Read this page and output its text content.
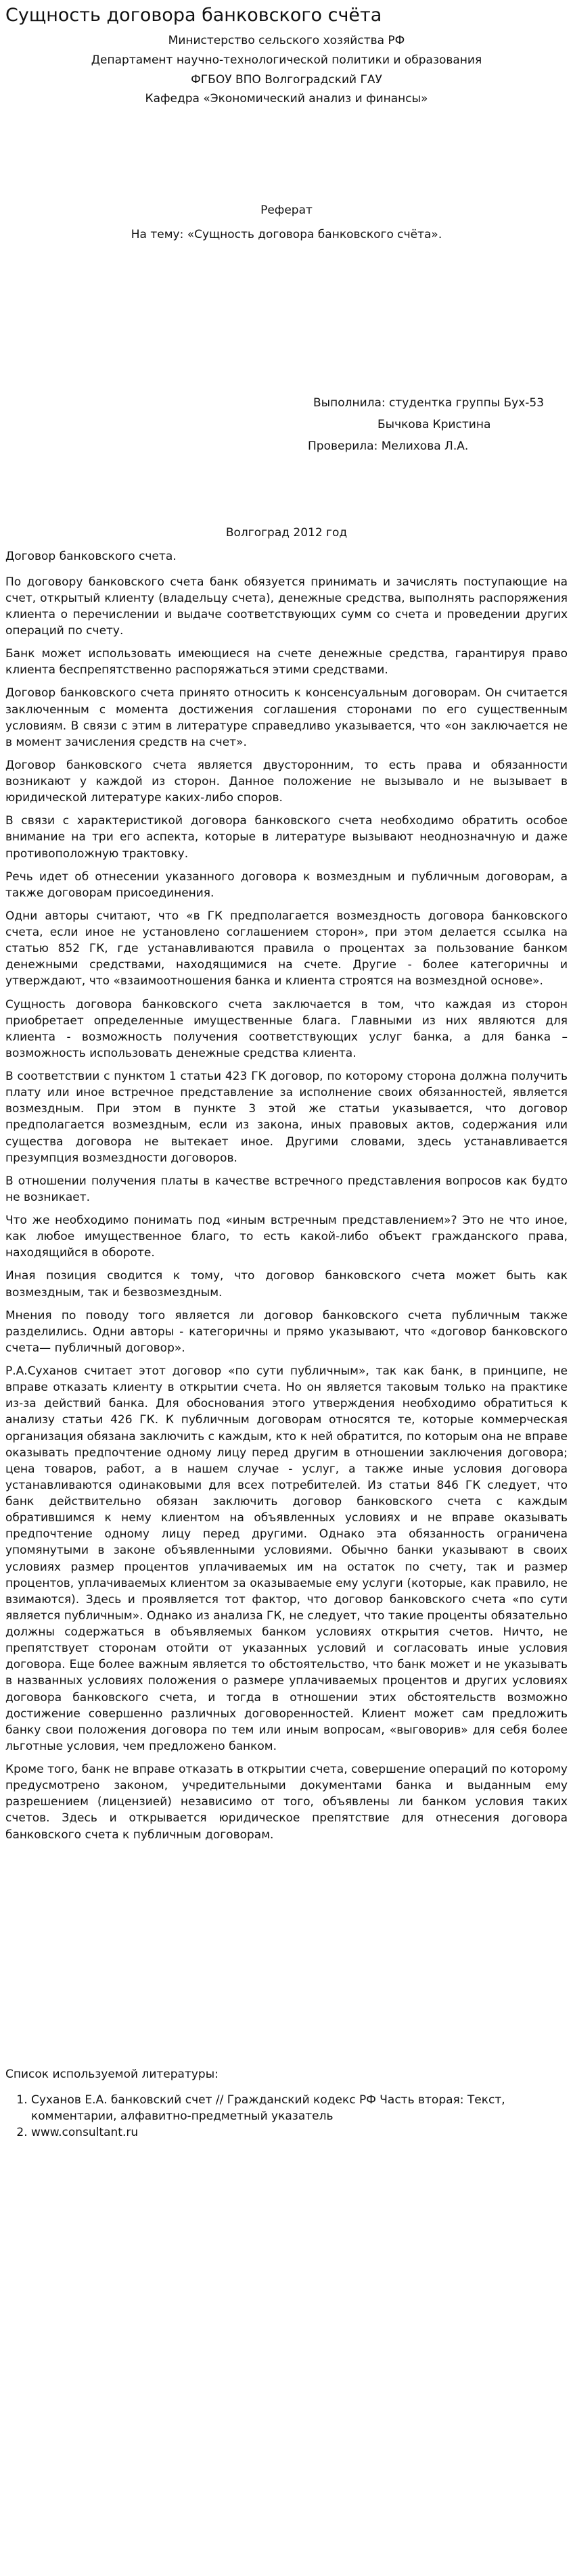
Сущность договора банковского счёта

Министерство сельского хозяйства РФ

Департамент научно-технологической политики и образования

ФГБОУ ВПО Волгоградский ГАУ

Кафедра «Экономический анализ и финансы»

Реферат

На тему: «Сущность договора банковского счёта».

Выполнила: студентка группы Бух-53

Бычкова Кристина

Проверила: Мелихова Л.А.

Волгоград 2012 год

Договор банковского счета.

По договору банковского счета банк обязуется принимать и зачислять поступающие на счет, открытый клиенту (владельцу счета), денежные средства, выполнять распоряжения клиента о перечислении и выдаче соответствующих сумм со счета и проведении других операций по счету.

Банк может использовать имеющиеся на счете денежные средства, гарантируя право клиента беспрепятственно распоряжаться этими средствами.

Договор банковского счета принято относить к консенсуальным договорам. Он считается заключенным с момента достижения соглашения сторонами по его существенным условиям. В связи с этим в литературе справедливо указывается, что «он заключается не в момент зачисления средств на счет».

Договор банковского счета является двусторонним, то есть права и обязанности возникают у каждой из сторон. Данное положение не вызывало и не вызывает в юридической литературе каких-либо споров.

В связи с характеристикой договора банковского счета необходимо обратить особое внимание на три его аспекта, которые в литературе вызывают неоднозначную и даже противоположную трактовку.

Речь идет об отнесении указанного договора к возмездным и публичным договорам, а также договорам присоединения.

Одни авторы считают, что «в ГК предполагается возмездность договора банковского счета, если иное не установлено соглашением сторон», при этом делается ссылка на статью 852 ГК, где устанавливаются правила о процентах за пользование банком денежными средствами, находящимися на счете. Другие - более категоричны и утверждают, что «взаимоотношения банка и клиента строятся на возмездной основе».

Сущность договора банковского счета заключается в том, что каждая из сторон приобретает определенные имущественные блага. Главными из них являются для клиента - возможность получения соответствующих услуг банка, а для банка – возможность использовать денежные средства клиента.

В соответствии с пунктом 1 статьи 423 ГК договор, по которому сторона должна получить плату или иное встречное представление за исполнение своих обязанностей, является возмездным. При этом в пункте 3 этой же статьи указывается, что договор предполагается возмездным, если из закона, иных правовых актов, содержания или существа договора не вытекает иное. Другими словами, здесь устанавливается презумпция возмездности договоров.

В отношении получения платы в качестве встречного представления вопросов как будто не возникает.

Что же необходимо понимать под «иным встречным представлением»? Это не что иное, как любое имущественное благо, то есть какой-либо объект гражданского права, находящийся в обороте.

Иная позиция сводится к тому, что договор банковского счета может быть как возмездным, так и безвозмездным.

Мнения по поводу того является ли договор банковского счета публичным также разделились. Одни авторы - категоричны и прямо указывают, что «договор банковского счета— публичный договор».

Р.А.Суханов считает этот договор «по сути публичным», так как банк, в принципе, не вправе отказать клиенту в открытии счета. Но он является таковым только на практике из-за действий банка. Для обоснования этого утверждения необходимо обратиться к анализу статьи 426 ГК. К публичным договорам относятся те, которые коммерческая организация обязана заключить с каждым, кто к ней обратится, по которым она не вправе оказывать предпочтение одному лицу перед другим в отношении заключения договора; цена товаров, работ, а в нашем случае - услуг, а также иные условия договора устанавливаются одинаковыми для всех потребителей. Из статьи 846 ГК следует, что банк действительно обязан заключить договор банковского счета с каждым обратившимся к нему клиентом на объявленных условиях и не вправе оказывать предпочтение одному лицу перед другими. Однако эта обязанность ограничена упомянутыми в законе объявленными условиями. Обычно банки указывают в своих условиях размер процентов уплачиваемых им на остаток по счету, так и размер процентов, уплачиваемых клиентом за оказываемые ему услуги (которые, как правило, не взимаются). Здесь и проявляется тот фактор, что договор банковского счета «по сути является публичным». Однако из анализа ГК, не следует, что такие проценты обязательно должны содержаться в объявляемых банком условиях открытия счетов. Ничто, не препятствует сторонам отойти от указанных условий и согласовать иные условия договора. Еще более важным является то обстоятельство, что банк может и не указывать в названных условиях положения о размере уплачиваемых процентов и других условиях договора банковского счета, и тогда в отношении этих обстоятельств возможно достижение совершенно различных договоренностей. Клиент может сам предложить банку свои положения договора по тем или иным вопросам, «выговорив» для себя более льготные условия, чем предложено банком.

Кроме того, банк не вправе отказать в открытии счета, совершение операций по которому предусмотрено законом, учредительными документами банка и выданным ему разрешением (лицензией) независимо от того, объявлены ли банком условия таких счетов. Здесь и открывается юридическое препятствие для отнесения договора банковского счета к публичным договорам.

Список используемой литературы:

1. Суханов Е.А. банковский счет // Гражданский кодекс РФ Часть вторая: Текст, комментарии, алфавитно-предметный указатель
2. www.consultant.ru
